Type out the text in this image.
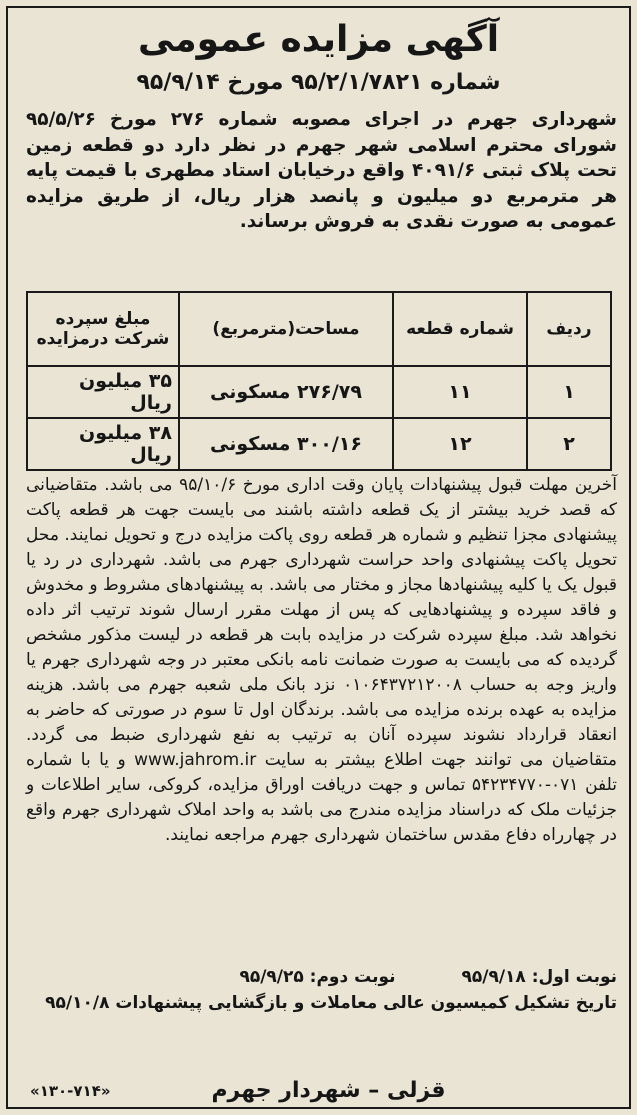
آگهی مزایده عمومی
شماره ۹۵/۲/۱/۷۸۲۱ مورخ ۹۵/۹/۱۴
شهرداری جهرم در اجرای مصوبه شماره ۲۷۶ مورخ ۹۵/۵/۲۶ شورای محترم اسلامی شهر جهرم در نظر دارد دو قطعه زمین تحت پلاک ثبتی ۴۰۹۱/۶ واقع درخیابان استاد مطهری با قیمت پایه هر مترمربع دو میلیون و پانصد هزار ریال، از طریق مزایده عمومی به صورت نقدی به فروش برساند.
ردیف	شماره قطعه	مساحت(مترمربع)	مبلغ سپرده شرکت درمزایده
۱	۱۱	۲۷۶/۷۹ مسکونی	۳۵ میلیون ریال
۲	۱۲	۳۰۰/۱۶ مسکونی	۳۸ میلیون ریال
آخرین مهلت قبول پیشنهادات پایان وقت اداری مورخ ۹۵/۱۰/۶ می باشد. متقاضیانی که قصد خرید بیشتر از یک قطعه داشته باشند می بایست جهت هر قطعه پاکت پیشنهادی مجزا تنظیم و شماره هر قطعه روی پاکت مزایده درج و تحویل نمایند. محل تحویل پاکت پیشنهادی واحد حراست شهرداری جهرم می باشد. شهرداری در رد یا قبول یک یا کلیه پیشنهادها مجاز و مختار می باشد. به پیشنهادهای مشروط و مخدوش و فاقد سپرده و پیشنهادهایی که پس از مهلت مقرر ارسال شوند ترتیب اثر داده نخواهد شد. مبلغ سپرده شرکت در مزایده بابت هر قطعه در لیست مذکور مشخص گردیده که می بایست به صورت ضمانت نامه بانکی معتبر در وجه شهرداری جهرم یا واریز وجه به حساب ۰۱۰۶۴۳۷۲۱۲۰۰۸ نزد بانک ملی شعبه جهرم می باشد. هزینه مزایده به عهده برنده مزایده می باشد. برندگان اول تا سوم در صورتی که حاضر به انعقاد قرارداد نشوند سپرده آنان به ترتیب به نفع شهرداری ضبط می گردد. متقاضیان می توانند جهت اطلاع بیشتر به سایت www.jahrom.ir و یا با شماره تلفن ۰۷۱-۵۴۲۳۴۷۷۰ تماس و جهت دریافت اوراق مزایده، کروکی، سایر اطلاعات و جزئیات ملک که دراسناد مزایده مندرج می باشد به واحد املاک شهرداری جهرم واقع در چهارراه دفاع مقدس ساختمان شهرداری جهرم مراجعه نمایند.
نوبت اول: ۹۵/۹/۱۸ نوبت دوم: ۹۵/۹/۲۵
تاریخ تشکیل کمیسیون عالی معاملات و بازگشایی پیشنهادات ۹۵/۱۰/۸
قزلی – شهردار جهرم
«۱۳۰-۷۱۴»
